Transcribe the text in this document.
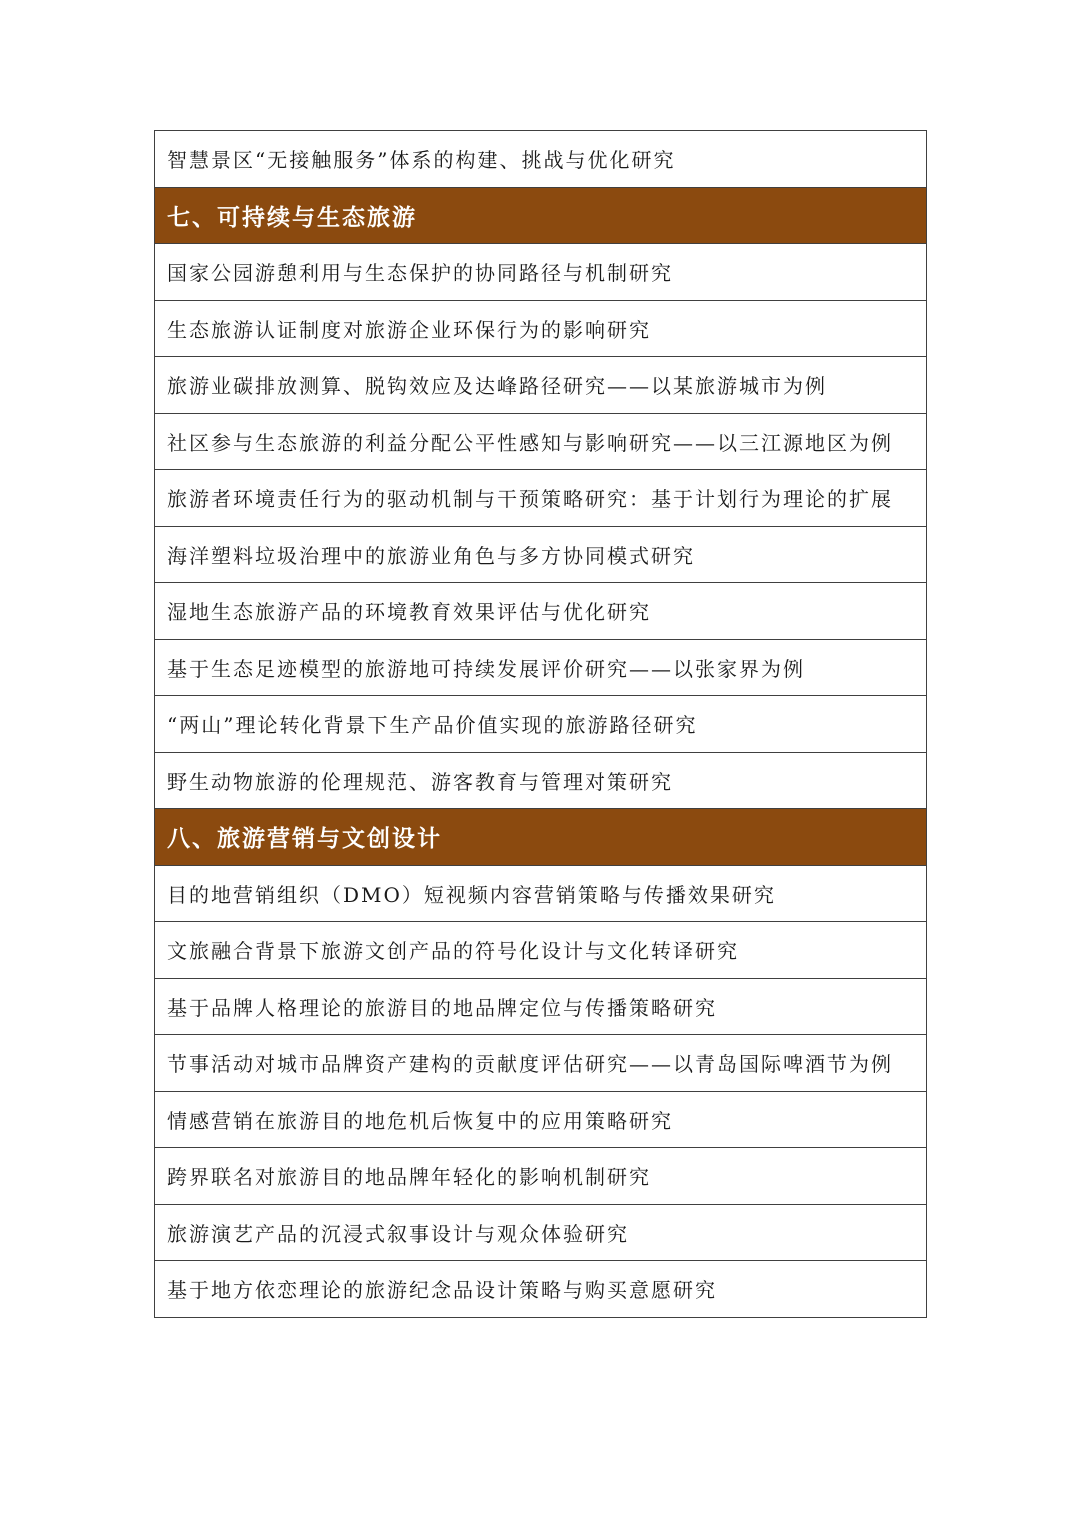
智慧景区“无接触服务”体系的构建、挑战与优化研究
七、可持续与生态旅游
国家公园游憩利用与生态保护的协同路径与机制研究
生态旅游认证制度对旅游企业环保行为的影响研究
旅游业碳排放测算、脱钩效应及达峰路径研究——以某旅游城市为例
社区参与生态旅游的利益分配公平性感知与影响研究——以三江源地区为例
旅游者环境责任行为的驱动机制与干预策略研究：基于计划行为理论的扩展
海洋塑料垃圾治理中的旅游业角色与多方协同模式研究
湿地生态旅游产品的环境教育效果评估与优化研究
基于生态足迹模型的旅游地可持续发展评价研究——以张家界为例
“两山”理论转化背景下生产品价值实现的旅游路径研究
野生动物旅游的伦理规范、游客教育与管理对策研究
八、旅游营销与文创设计
目的地营销组织（DMO）短视频内容营销策略与传播效果研究
文旅融合背景下旅游文创产品的符号化设计与文化转译研究
基于品牌人格理论的旅游目的地品牌定位与传播策略研究
节事活动对城市品牌资产建构的贡献度评估研究——以青岛国际啤酒节为例
情感营销在旅游目的地危机后恢复中的应用策略研究
跨界联名对旅游目的地品牌年轻化的影响机制研究
旅游演艺产品的沉浸式叙事设计与观众体验研究
基于地方依恋理论的旅游纪念品设计策略与购买意愿研究
